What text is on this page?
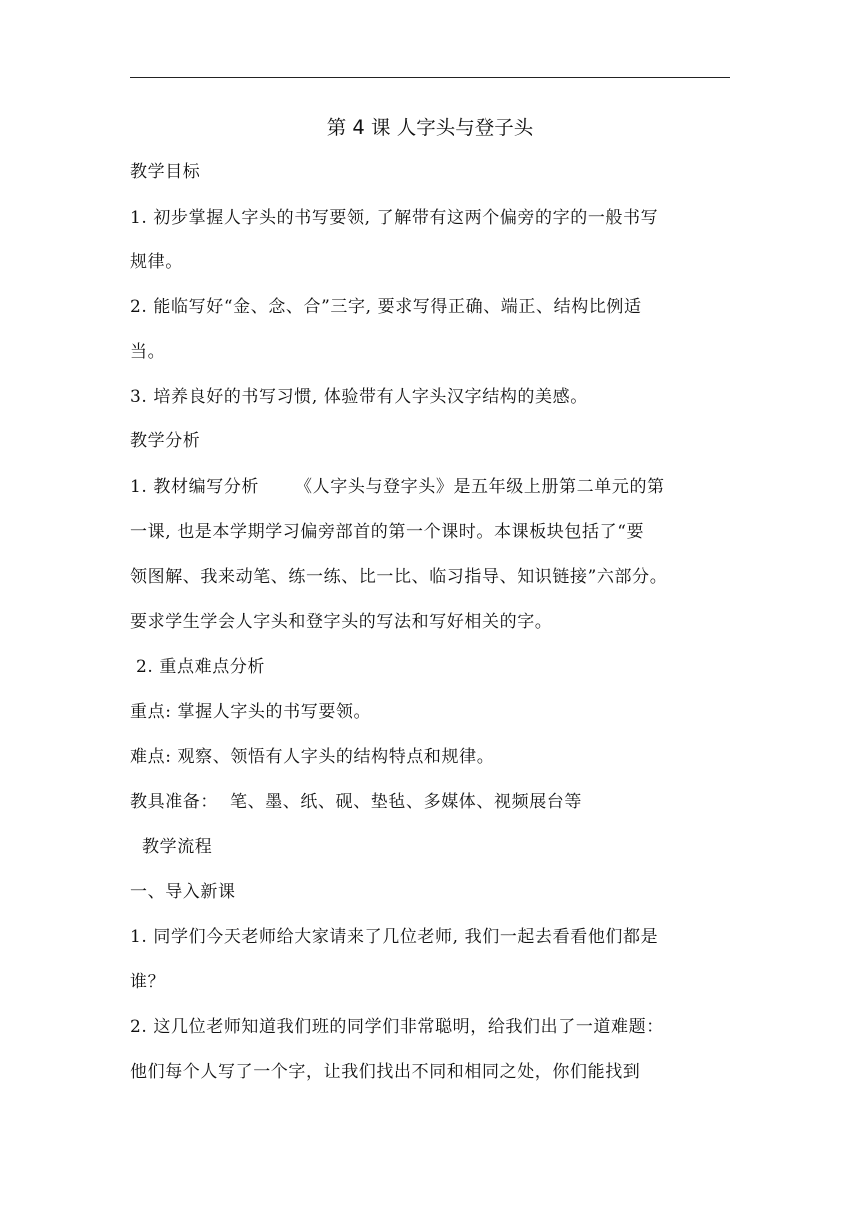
第 4 课 人字头与登子头
教学目标
1. 初步掌握人字头的书写要领, 了解带有这两个偏旁的字的一般书写
规律。
2. 能临写好“金、念、合”三字, 要求写得正确、端正、结构比例适
当。
3. 培养良好的书写习惯, 体验带有人字头汉字结构的美感。
教学分析
1. 教材编写分析      《人字头与登字头》是五年级上册第二单元的第
一课, 也是本学期学习偏旁部首的第一个课时。本课板块包括了“要
领图解、我来动笔、练一练、比一比、临习指导、知识链接”六部分。
要求学生学会人字头和登字头的写法和写好相关的字。
2. 重点难点分析
重点: 掌握人字头的书写要领。
难点: 观察、领悟有人字头的结构特点和规律。
教具准备：  笔、墨、纸、砚、垫毡、多媒体、视频展台等
教学流程
一、导入新课
1. 同学们今天老师给大家请来了几位老师, 我们一起去看看他们都是
谁？
2. 这几位老师知道我们班的同学们非常聪明，给我们出了一道难题：
他们每个人写了一个字，让我们找出不同和相同之处，你们能找到
